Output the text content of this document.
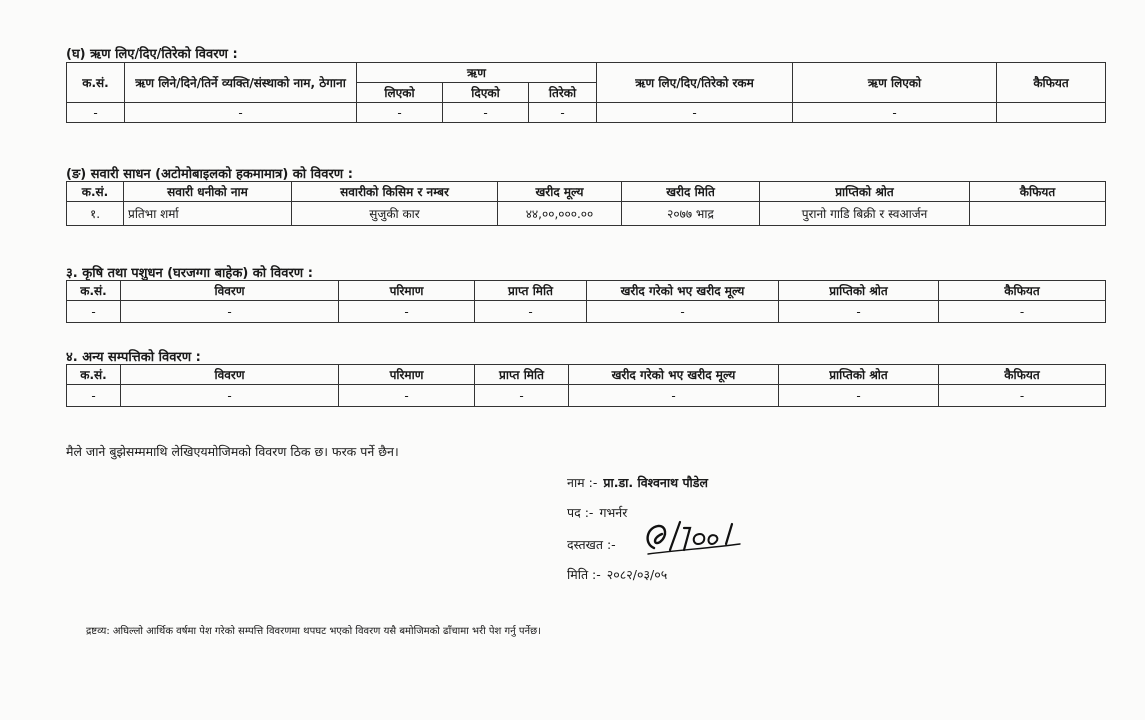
(घ) ऋण लिए/दिए/तिरेको विवरण :
क.सं.	ऋण लिने/दिने/तिर्ने व्यक्ति/संस्थाको नाम, ठेगाना	ऋण			ऋण लिए/दिए/तिरेको रकम	ऋण लिएको	कैफियत
		लिएको	दिएको	तिरेको			
-	-	-	-	-	-	-	
(ङ) सवारी साधन (अटोमोबाइलको हकमामात्र) को विवरण :
क.सं.	सवारी धनीको नाम	सवारीको किसिम र नम्बर	खरीद मूल्य	खरीद मिति	प्राप्तिको श्रोत	कैफियत
१.	प्रतिभा शर्मा	सुजुकी कार	४४,००,०००.००	२०७७ भाद्र	पुरानो गाडि बिक्री र स्वआर्जन	
३. कृषि तथा पशुधन (घरजग्गा बाहेक) को विवरण :
क.सं.	विवरण	परिमाण	प्राप्त मिति	खरीद गरेको भए खरीद मूल्य	प्राप्तिको श्रोत	कैफियत
-	-	-	-	-	-	-
४. अन्य सम्पत्तिको विवरण :
क.सं.	विवरण	परिमाण	प्राप्त मिति	खरीद गरेको भए खरीद मूल्य	प्राप्तिको श्रोत	कैफियत
-	-	-	-	-	-	-
मैले जाने बुझेसम्ममाथि लेखिएयमोजिमको विवरण ठिक छ। फरक पर्ने छैन।
नाम :- प्रा.डा. विश्वनाथ पौडेल
पद :- गभर्नर
दस्तखत :-
मिति :- २०८२/०३/०५
द्रष्टव्य: अघिल्लो आर्थिक वर्षमा पेश गरेको सम्पत्ति विवरणमा थपघट भएको विवरण यसै बमोजिमको ढाँचामा भरी पेश गर्नु पर्नेछ।
